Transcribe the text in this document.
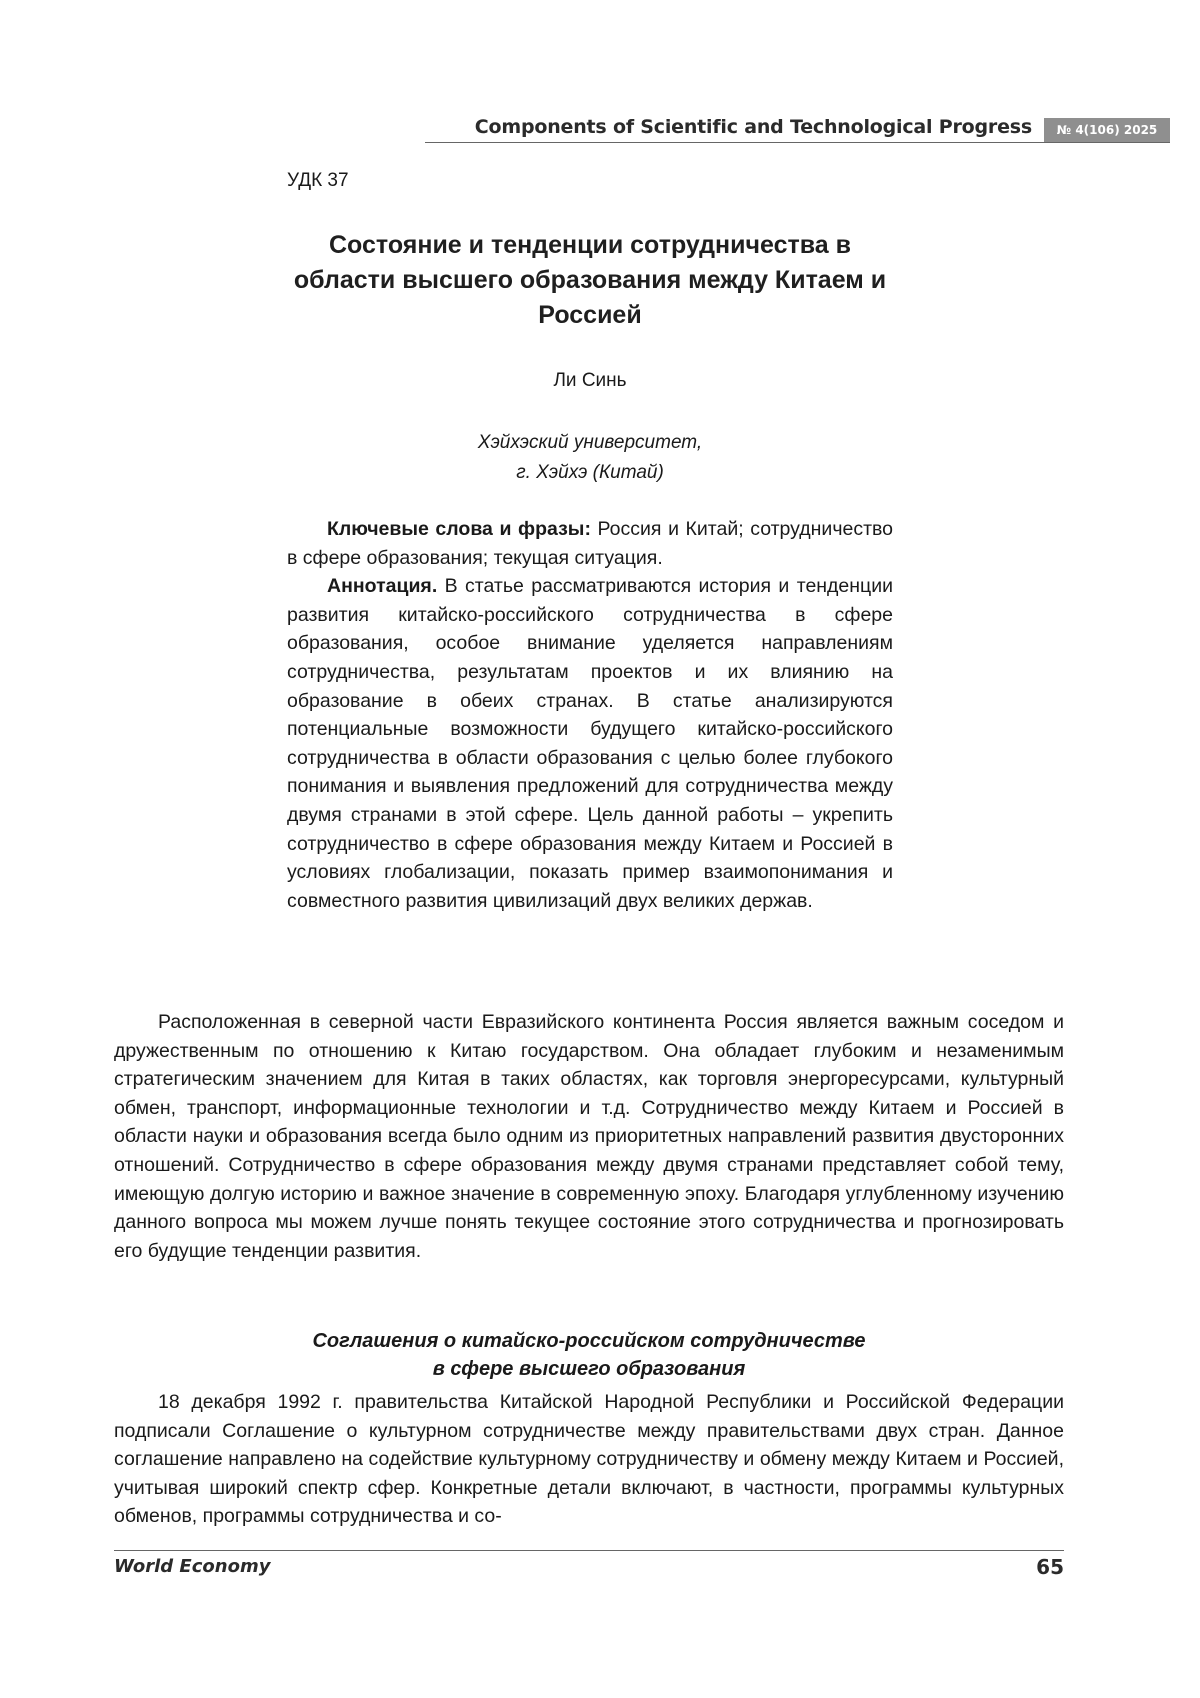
Components of Scientific and Technological Progress	№ 4(106) 2025
УДК 37
Состояние и тенденции сотрудничества в области высшего образования между Китаем и Россией
Ли Синь
Хэйхэский университет,
г. Хэйхэ (Китай)

Ключевые слова и фразы: Россия и Китай; сотрудничество в сфере образования; текущая ситуация.

Аннотация. В статье рассматриваются история и тенденции развития китайско-российского сотрудничества в сфере образования, особое внимание уделяется направлениям сотрудничества, результатам проектов и их влиянию на образование в обеих странах. В статье анализируются потенциальные возможности будущего китайско-российского сотрудничества в области образования с целью более глубокого понимания и выявления предложений для сотрудничества между двумя странами в этой сфере. Цель данной работы – укрепить сотрудничество в сфере образования между Китаем и Россией в условиях глобализации, показать пример взаимопонимания и совместного развития цивилизаций двух великих держав.

Расположенная в северной части Евразийского континента Россия является важным соседом и дружественным по отношению к Китаю государством. Она обладает глубоким и незаменимым стратегическим значением для Китая в таких областях, как торговля энергоресурсами, культурный обмен, транспорт, информационные технологии и т.д. Сотрудничество между Китаем и Россией в области науки и образования всегда было одним из приоритетных направлений развития двусторонних отношений. Сотрудничество в сфере образования между двумя странами представляет собой тему, имеющую долгую историю и важное значение в современную эпоху. Благодаря углубленному изучению данного вопроса мы можем лучше понять текущее состояние этого сотрудничества и прогнозировать его будущие тенденции развития.

Соглашения о китайско-российском сотрудничестве
в сфере высшего образования

18 декабря 1992 г. правительства Китайской Народной Республики и Российской Федерации подписали Соглашение о культурном сотрудничестве между правительствами двух стран. Данное соглашение направлено на содействие культурному сотрудничеству и обмену между Китаем и Россией, учитывая широкий спектр сфер. Конкретные детали включают, в частности, программы культурных обменов, программы сотрудничества и со-

World Economy	65
